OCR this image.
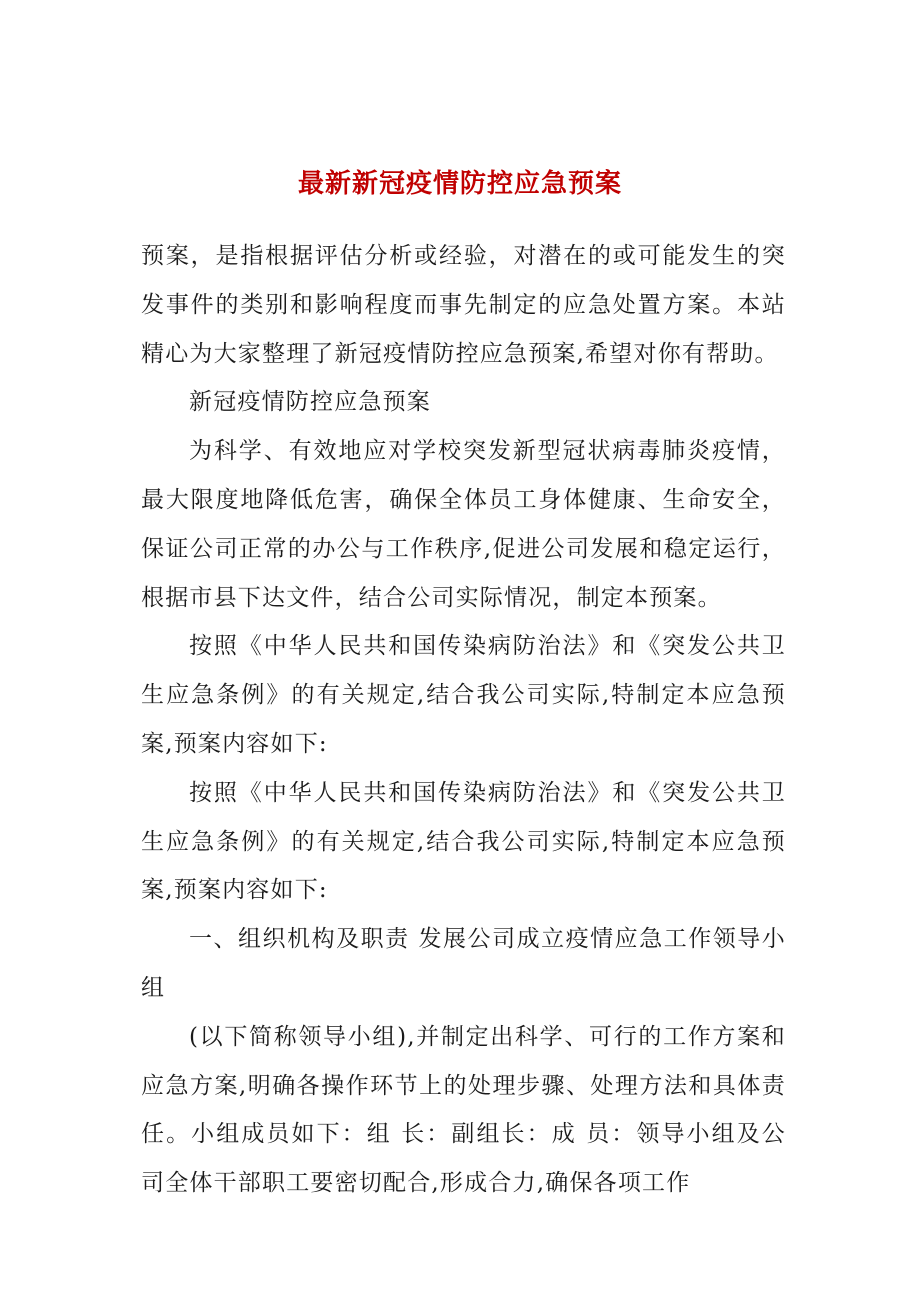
最新新冠疫情防控应急预案

预案，是指根据评估分析或经验，对潜在的或可能发生的突发事件的类别和影响程度而事先制定的应急处置方案。本站精心为大家整理了新冠疫情防控应急预案,希望对你有帮助。

新冠疫情防控应急预案

为科学、有效地应对学校突发新型冠状病毒肺炎疫情，最大限度地降低危害，确保全体员工身体健康、生命安全，保证公司正常的办公与工作秩序,促进公司发展和稳定运行，根据市县下达文件，结合公司实际情况，制定本预案。

按照《中华人民共和国传染病防治法》和《突发公共卫生应急条例》的有关规定,结合我公司实际,特制定本应急预案,预案内容如下:

按照《中华人民共和国传染病防治法》和《突发公共卫生应急条例》的有关规定,结合我公司实际,特制定本应急预案,预案内容如下:

一、组织机构及职责 发展公司成立疫情应急工作领导小组

(以下简称领导小组),并制定出科学、可行的工作方案和应急方案,明确各操作环节上的处理步骤、处理方法和具体责任。小组成员如下：组 长：副组长：成 员：领导小组及公司全体干部职工要密切配合,形成合力,确保各项工作
